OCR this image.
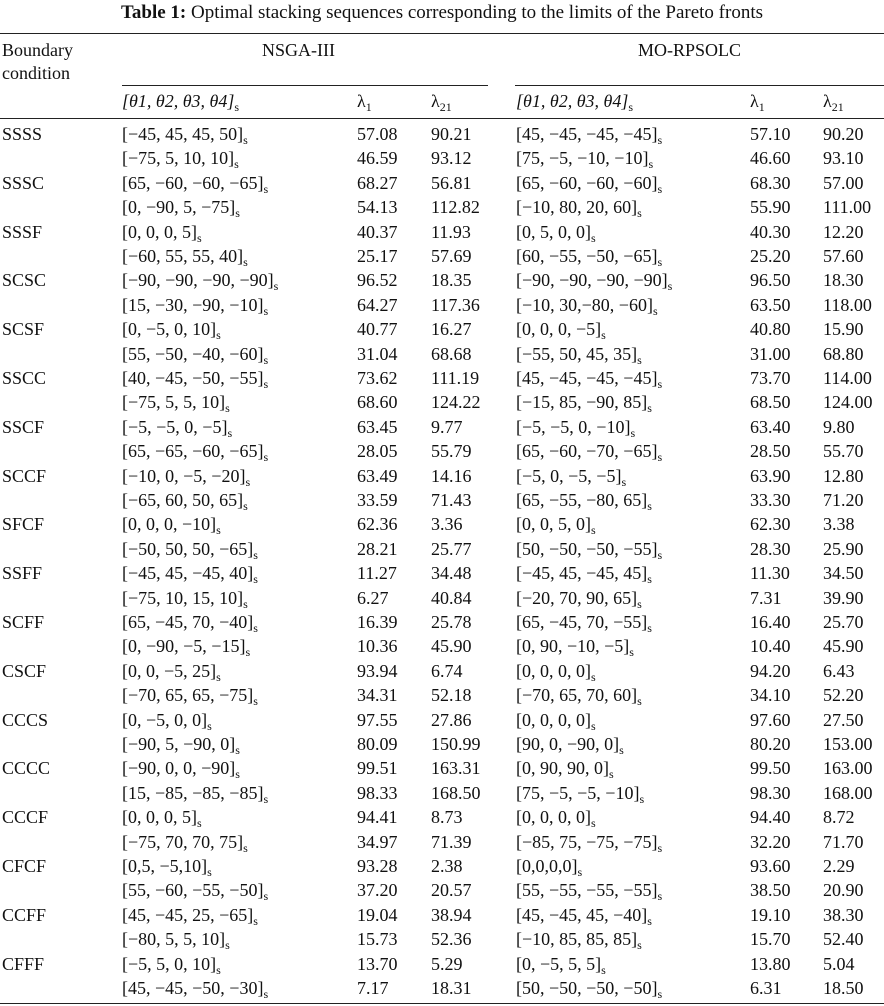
Table 1: Optimal stacking sequences corresponding to the limits of the Pareto fronts
Boundary
condition
NSGA-III	MO-RPSOLC
[θ1, θ2, θ3, $\theta 4]_s$	$\lambda_1$	$\lambda_{21}$	[θ1, θ2, θ3, $\theta 4]_s$	$\lambda_1$	$\lambda_{21}$
SSSS	[−45, 45, 45, $50]_s$	57.08 90.21 [45, −45, −45, $-45]_s$	57.10 90.20
[−75, 5, 10, $10]_s$	46.59 93.12 [75, −5, −10, $-10]_s$	46.60 93.10
SSSC	[65, −60, −60, $-65]_s$	68.27 56.81 [65, −60, −60, $-60]_s$	68.30 57.00
[0, −90, 5, $-75]_s$	54.13 112.82 [−10, 80, 20, $60]_s$	55.90 111.00
SSSF	[0, 0, 0, $5]_s$	40.37 11.93	[0, 5, 0, $0]_s$	40.30 12.20
[−60, 55, 55, $40]_s$	25.17 57.69 [60, −55, −50, $-65]_s$	25.20 57.60
SCSC	[−90, −90, −90, $-90]_s$	96.52 18.35 [−90, −90, −90, $-90]_s$	96.50 18.30
[15, −30, −90, $-10]_s$	64.27 117.36 [−10, 30,−80, $-60]_s$	63.50 118.00
SCSF	[0, −5, 0, $10]_s$	40.77 16.27 [0, 0, 0, $-5]_s$	40.80 15.90
[55, −50, −40, $-60]_s$	31.04 68.68 [−55, 50, 45, $35]_s$	31.00 68.80
SSCC	[40, −45, −50, $-55]_s$	73.62 111.19 [45, −45, −45, $-45]_s$	73.70 114.00
[−75, 5, 5, $10]_s$	68.60 124.22 [−15, 85, −90, $85]_s$	68.50 124.00
SSCF	[−5, −5, 0, $-5]_s$	63.45 9.77	[−5, −5, 0, $-10]_s$	63.40 9.80
[65, −65, −60, $-65]_s$	28.05 55.79 [65, −60, −70, $-65]_s$	28.50 55.70
SCCF	[−10, 0, −5, $-20]_s$	63.49 14.16 [−5, 0, −5, $-5]_s$	63.90 12.80
[−65, 60, 50, $65]_s$	33.59 71.43 [65, −55, −80, $65]_s$	33.30 71.20
SFCF	[0, 0, 0, $-10]_s$	62.36 3.36	[0, 0, 5, $0]_s$	62.30 3.38
[−50, 50, 50, $-65]_s$	28.21 25.77 [50, −50, −50, $-55]_s$	28.30 25.90
SSFF	[−45, 45, −45, $40]_s$	11.27 34.48 [−45, 45, −45, $45]_s$	11.30 34.50
[−75, 10, 15, $10]_s$	6.27 40.84 [−20, 70, 90, $65]_s$	7.31 39.90
SCFF	[65, −45, 70, $-40]_s$	16.39 25.78 [65, −45, 70, $-55]_s$	16.40 25.70
[0, −90, −5, $-15]_s$	10.36 45.90 [0, 90, −10, $-5]_s$	10.40 45.90
CSCF	[0, 0, −5, $25]_s$	93.94 6.74	[0, 0, 0, $0]_s$	94.20 6.43
[−70, 65, 65, $-75]_s$	34.31 52.18 [−70, 65, 70, $60]_s$	34.10 52.20
CCCS	[0, −5, 0, $0]_s$	97.55 27.86 [0, 0, 0, $0]_s$	97.60 27.50
[−90, 5, −90, $0]_s$	80.09 150.99 [90, 0, −90, $0]_s$	80.20 153.00
CCCC	[−90, 0, 0, $-90]_s$	99.51 163.31 [0, 90, 90, $0]_s$	99.50 163.00
[15, −85, −85, $-85]_s$	98.33 168.50 [75, −5, −5, $-10]_s$	98.30 168.00
CCCF	[0, 0, 0, $5]_s$	94.41 8.73	[0, 0, 0, $0]_s$	94.40 8.72
[−75, 70, 70, $75]_s$	34.97 71.39 [−85, 75, −75, $-75]_s$	32.20 71.70
CFCF	[0,5, $-5,10]_s$	93.28 2.38	$[0,0,0,0]_s$	93.60 2.29
[55, −60, −55, $-50]_s$	37.20 20.57 [55, −55, −55, $-55]_s$	38.50 20.90
CCFF	[45, −45, 25, $-65]_s$	19.04 38.94 [45, −45, 45, $-40]_s$	19.10 38.30
[−80, 5, 5, $10]_s$	15.73 52.36 [−10, 85, 85, $85]_s$	15.70 52.40
CFFF	[−5, 5, 0, $10]_s$	13.70 5.29	[0, −5, 5, $5]_s$	13.80 5.04
[45, −45, −50, $-30]_s$	7.17 18.31 [50, −50, −50, $-50]_s$	6.31 18.50
